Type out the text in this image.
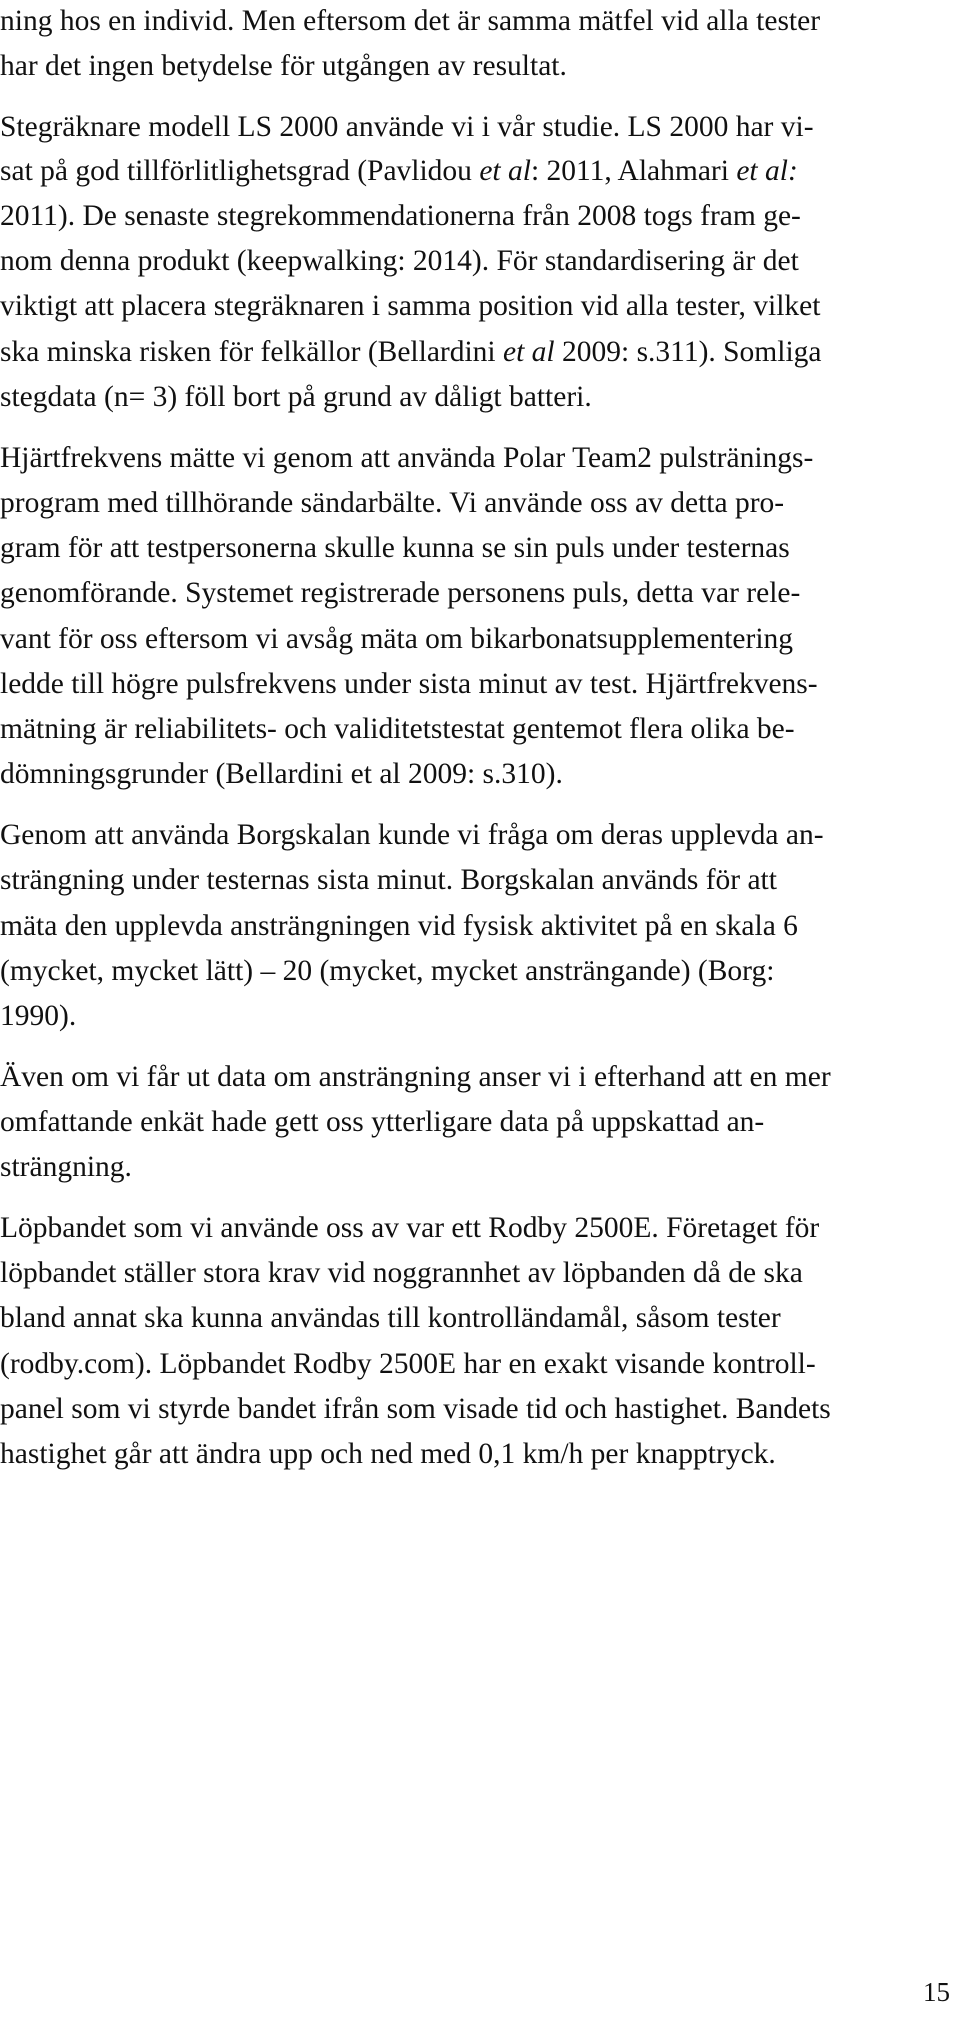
ning hos en individ. Men eftersom det är samma mätfel vid alla tester
har det ingen betydelse för utgången av resultat.
Stegräknare modell LS 2000 använde vi i vår studie. LS 2000 har vi-
sat på god tillförlitlighetsgrad (Pavlidou et al: 2011, Alahmari et al:
2011). De senaste stegrekommendationerna från 2008 togs fram ge-
nom denna produkt (keepwalking: 2014). För standardisering är det
viktigt att placera stegräknaren i samma position vid alla tester, vilket
ska minska risken för felkällor (Bellardini et al 2009: s.311). Somliga
stegdata (n= 3) föll bort på grund av dåligt batteri.
Hjärtfrekvens mätte vi genom att använda Polar Team2 pulstränings-
program med tillhörande sändarbälte. Vi använde oss av detta pro-
gram för att testpersonerna skulle kunna se sin puls under testernas
genomförande. Systemet registrerade personens puls, detta var rele-
vant för oss eftersom vi avsåg mäta om bikarbonatsupplementering
ledde till högre pulsfrekvens under sista minut av test. Hjärtfrekvens-
mätning är reliabilitets- och validitetstestat gentemot flera olika be-
dömningsgrunder (Bellardini et al 2009: s.310).
Genom att använda Borgskalan kunde vi fråga om deras upplevda an-
strängning under testernas sista minut. Borgskalan används för att
mäta den upplevda ansträngningen vid fysisk aktivitet på en skala 6
(mycket, mycket lätt) – 20 (mycket, mycket ansträngande) (Borg:
1990).
Även om vi får ut data om ansträngning anser vi i efterhand att en mer
omfattande enkät hade gett oss ytterligare data på uppskattad an-
strängning.
Löpbandet som vi använde oss av var ett Rodby 2500E. Företaget för
löpbandet ställer stora krav vid noggrannhet av löpbanden då de ska
bland annat ska kunna användas till kontrolländamål, såsom tester
(rodby.com). Löpbandet Rodby 2500E har en exakt visande kontroll-
panel som vi styrde bandet ifrån som visade tid och hastighet. Bandets
hastighet går att ändra upp och ned med 0,1 km/h per knapptryck.
15
